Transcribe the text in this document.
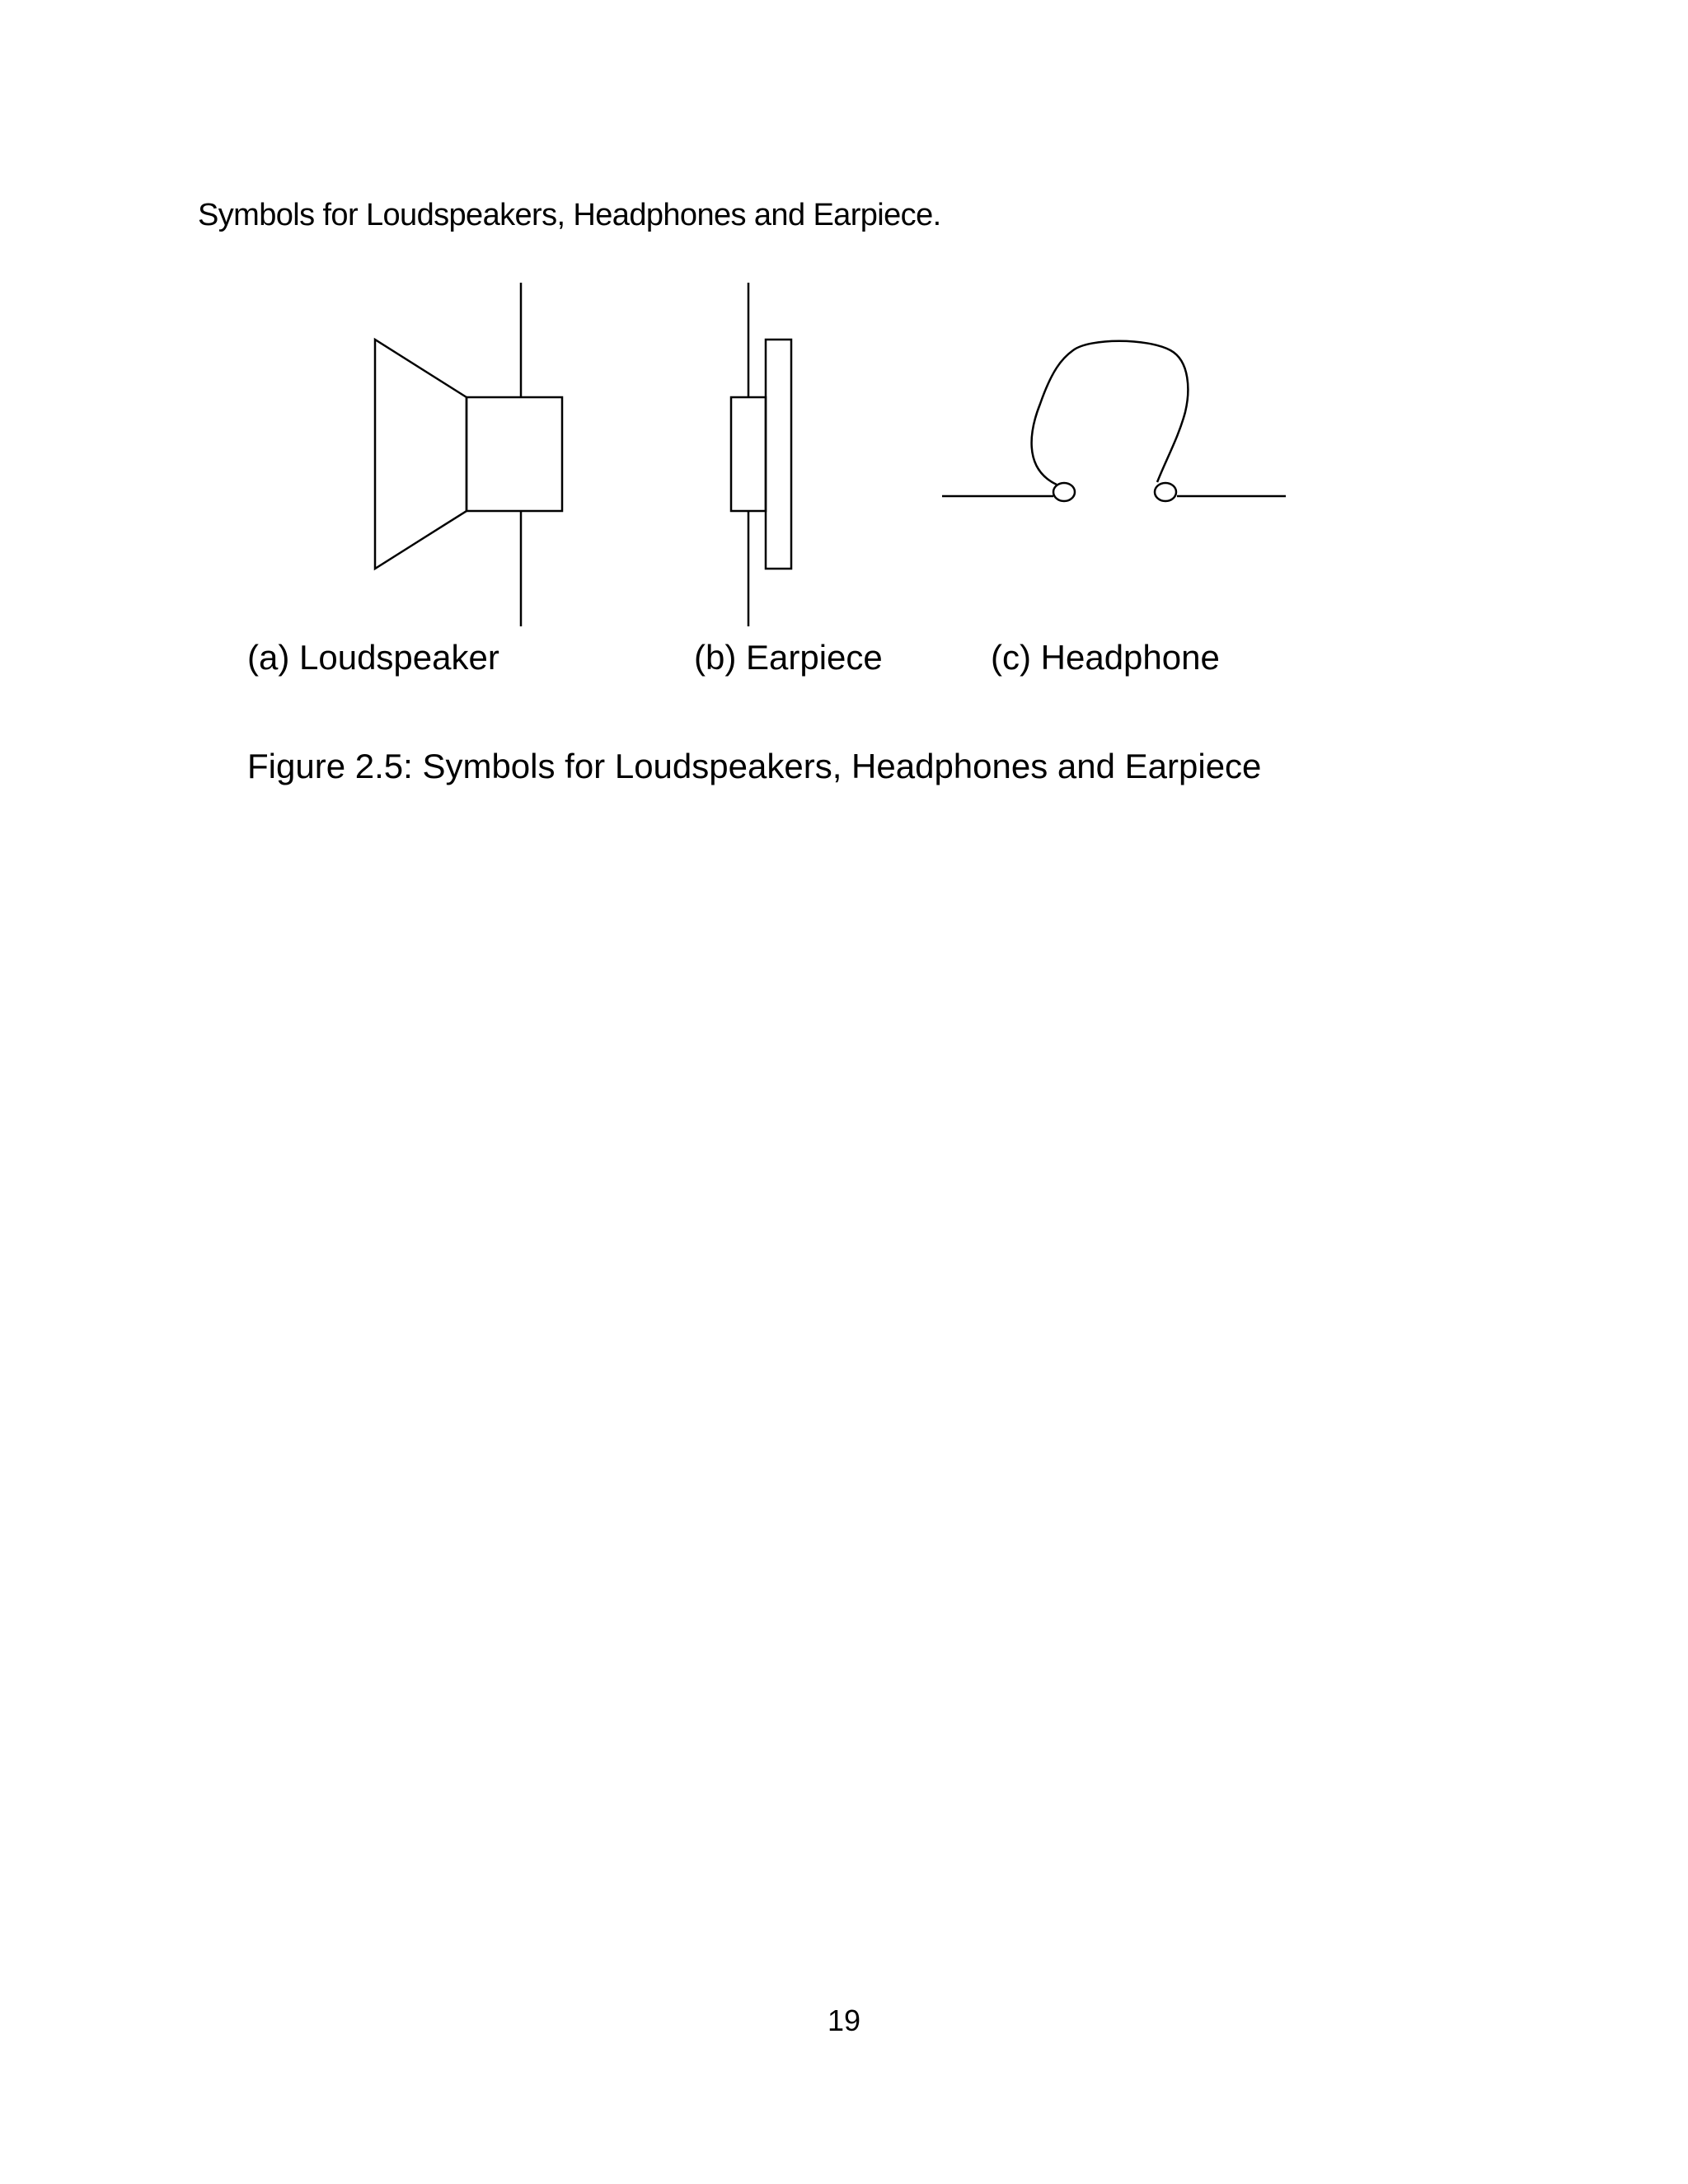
Symbols for Loudspeakers, Headphones and Earpiece.
(a) Loudspeaker	(b) Earpiece	(c) Headphone
Figure 2.5: Symbols for Loudspeakers, Headphones and Earpiece
19
